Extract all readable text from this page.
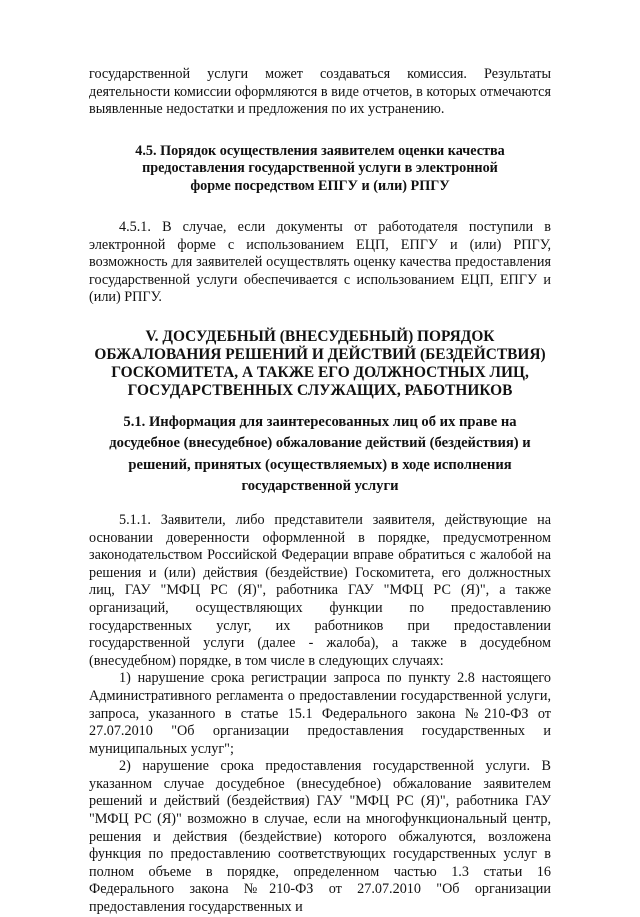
государственной услуги может создаваться комиссия. Результаты деятельности комиссии оформляются в виде отчетов, в которых отмечаются выявленные недостатки и предложения по их устранению.

4.5. Порядок осуществления заявителем оценки качества предоставления государственной услуги в электронной форме посредством ЕПГУ и (или) РПГУ

4.5.1. В случае, если документы от работодателя поступили в электронной форме с использованием ЕЦП, ЕПГУ и (или) РПГУ, возможность для заявителей осуществлять оценку качества предоставления государственной услуги обеспечивается с использованием ЕЦП, ЕПГУ и (или) РПГУ.

V. ДОСУДЕБНЫЙ (ВНЕСУДЕБНЫЙ) ПОРЯДОК ОБЖАЛОВАНИЯ РЕШЕНИЙ И ДЕЙСТВИЙ (БЕЗДЕЙСТВИЯ) ГОСКОМИТЕТА, А ТАКЖЕ ЕГО ДОЛЖНОСТНЫХ ЛИЦ, ГОСУДАРСТВЕННЫХ СЛУЖАЩИХ, РАБОТНИКОВ
5.1. Информация для заинтересованных лиц об их праве на досудебное (внесудебное) обжалование действий (бездействия) и решений, принятых (осуществляемых) в ходе исполнения государственной услуги

5.1.1. Заявители, либо представители заявителя, действующие на основании доверенности оформленной в порядке, предусмотренном законодательством Российской Федерации вправе обратиться с жалобой на решения и (или) действия (бездействие) Госкомитета, его должностных лиц, ГАУ "МФЦ РС (Я)", работника ГАУ "МФЦ РС (Я)", а также организаций, осуществляющих функции по предоставлению государственных услуг, их работников при предоставлении государственной услуги (далее - жалоба), а также в досудебном (внесудебном) порядке, в том числе в следующих случаях:

1) нарушение срока регистрации запроса по пункту 2.8 настоящего Административного регламента о предоставлении государственной услуги, запроса, указанного в статье 15.1 Федерального закона №210-ФЗ от 27.07.2010 "Об организации предоставления государственных и муниципальных услуг";

2) нарушение срока предоставления государственной услуги. В указанном случае досудебное (внесудебное) обжалование заявителем решений и действий (бездействия) ГАУ "МФЦ РС (Я)", работника ГАУ "МФЦ РС (Я)" возможно в случае, если на многофункциональный центр, решения и действия (бездействие) которого обжалуются, возложена функция по предоставлению соответствующих государственных услуг в полном объеме в порядке, определенном частью 1.3 статьи 16 Федерального закона №210-ФЗ от 27.07.2010 "Об организации предоставления государственных и
